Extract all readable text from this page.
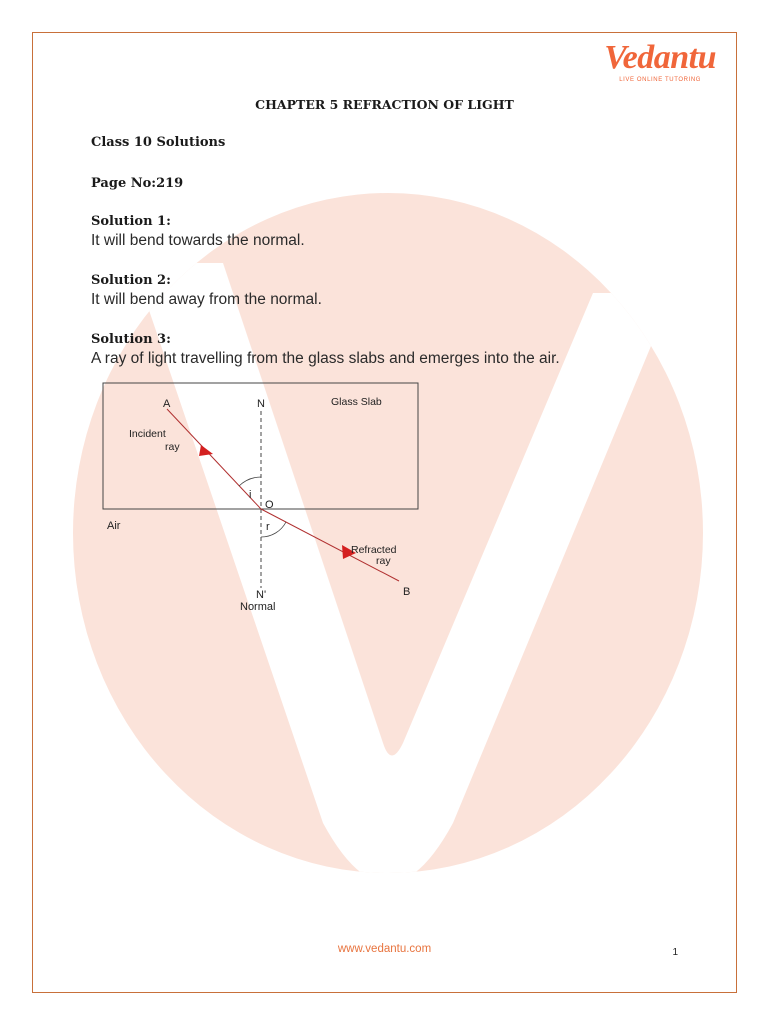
Vedantu
LIVE ONLINE TUTORING
CHAPTER 5 REFRACTION OF LIGHT
Class 10 Solutions
Page No:219
Solution 1:
It will bend towards the normal.
Solution 2:
It will bend away from the normal.
Solution 3:
A ray of light travelling from the glass slabs and emerges into the air.
A	N	Glass Slab
Incident
ray
i
O
Air	r
Refracted
ray
N'
Normal
B
www.vedantu.com	1
